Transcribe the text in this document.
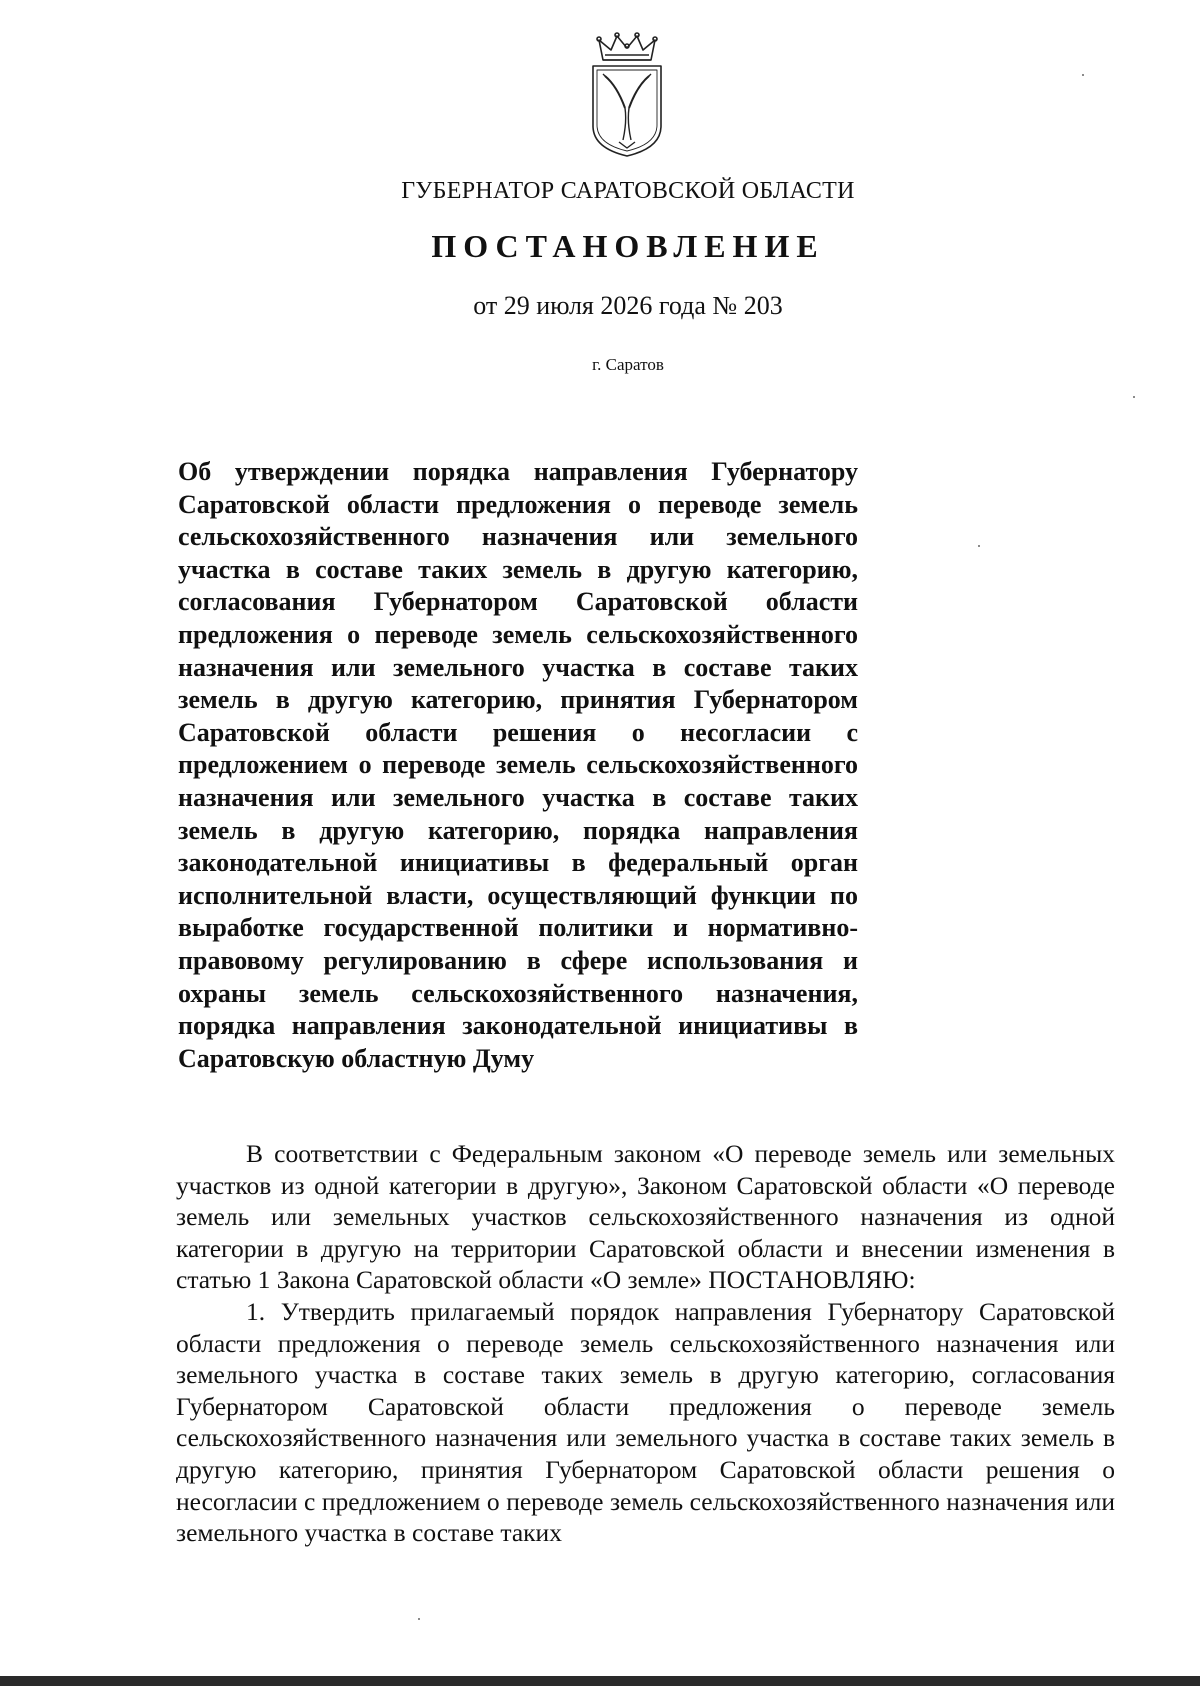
ГУБЕРНАТОР САРАТОВСКОЙ ОБЛАСТИ
ПОСТАНОВЛЕНИЕ
от 29 июля 2026 года № 203
г. Саратов

Об утверждении порядка направления Губернатору Саратовской области предложения о переводе земель сельскохозяйственного назначения или земельного участка в составе таких земель в другую категорию, согласования Губернатором Саратовской области предложения о переводе земель сельскохозяйственного назначения или земельного участка в составе таких земель в другую категорию, принятия Губернатором Саратовской области решения о несогласии с предложением о переводе земель сельскохозяйственного назначения или земельного участка в составе таких земель в другую категорию, порядка направления законодательной инициативы в федеральный орган исполнительной власти, осуществляющий функции по выработке государственной политики и нормативно-правовому регулированию в сфере использования и охраны земель сельскохозяйственного назначения, порядка направления законодательной инициативы в Саратовскую областную Думу

В соответствии с Федеральным законом «О переводе земель или земельных участков из одной категории в другую», Законом Саратовской области «О переводе земель или земельных участков сельскохозяйственного назначения из одной категории в другую на территории Саратовской области и внесении изменения в статью 1 Закона Саратовской области «О земле» ПОСТАНОВЛЯЮ:

1. Утвердить прилагаемый порядок направления Губернатору Саратовской области предложения о переводе земель сельскохозяйственного назначения или земельного участка в составе таких земель в другую категорию, согласования Губернатором Саратовской области предложения о переводе земель сельскохозяйственного назначения или земельного участка в составе таких земель в другую категорию, принятия Губернатором Саратовской области решения о несогласии с предложением о переводе земель сельскохозяйственного назначения или земельного участка в составе таких
